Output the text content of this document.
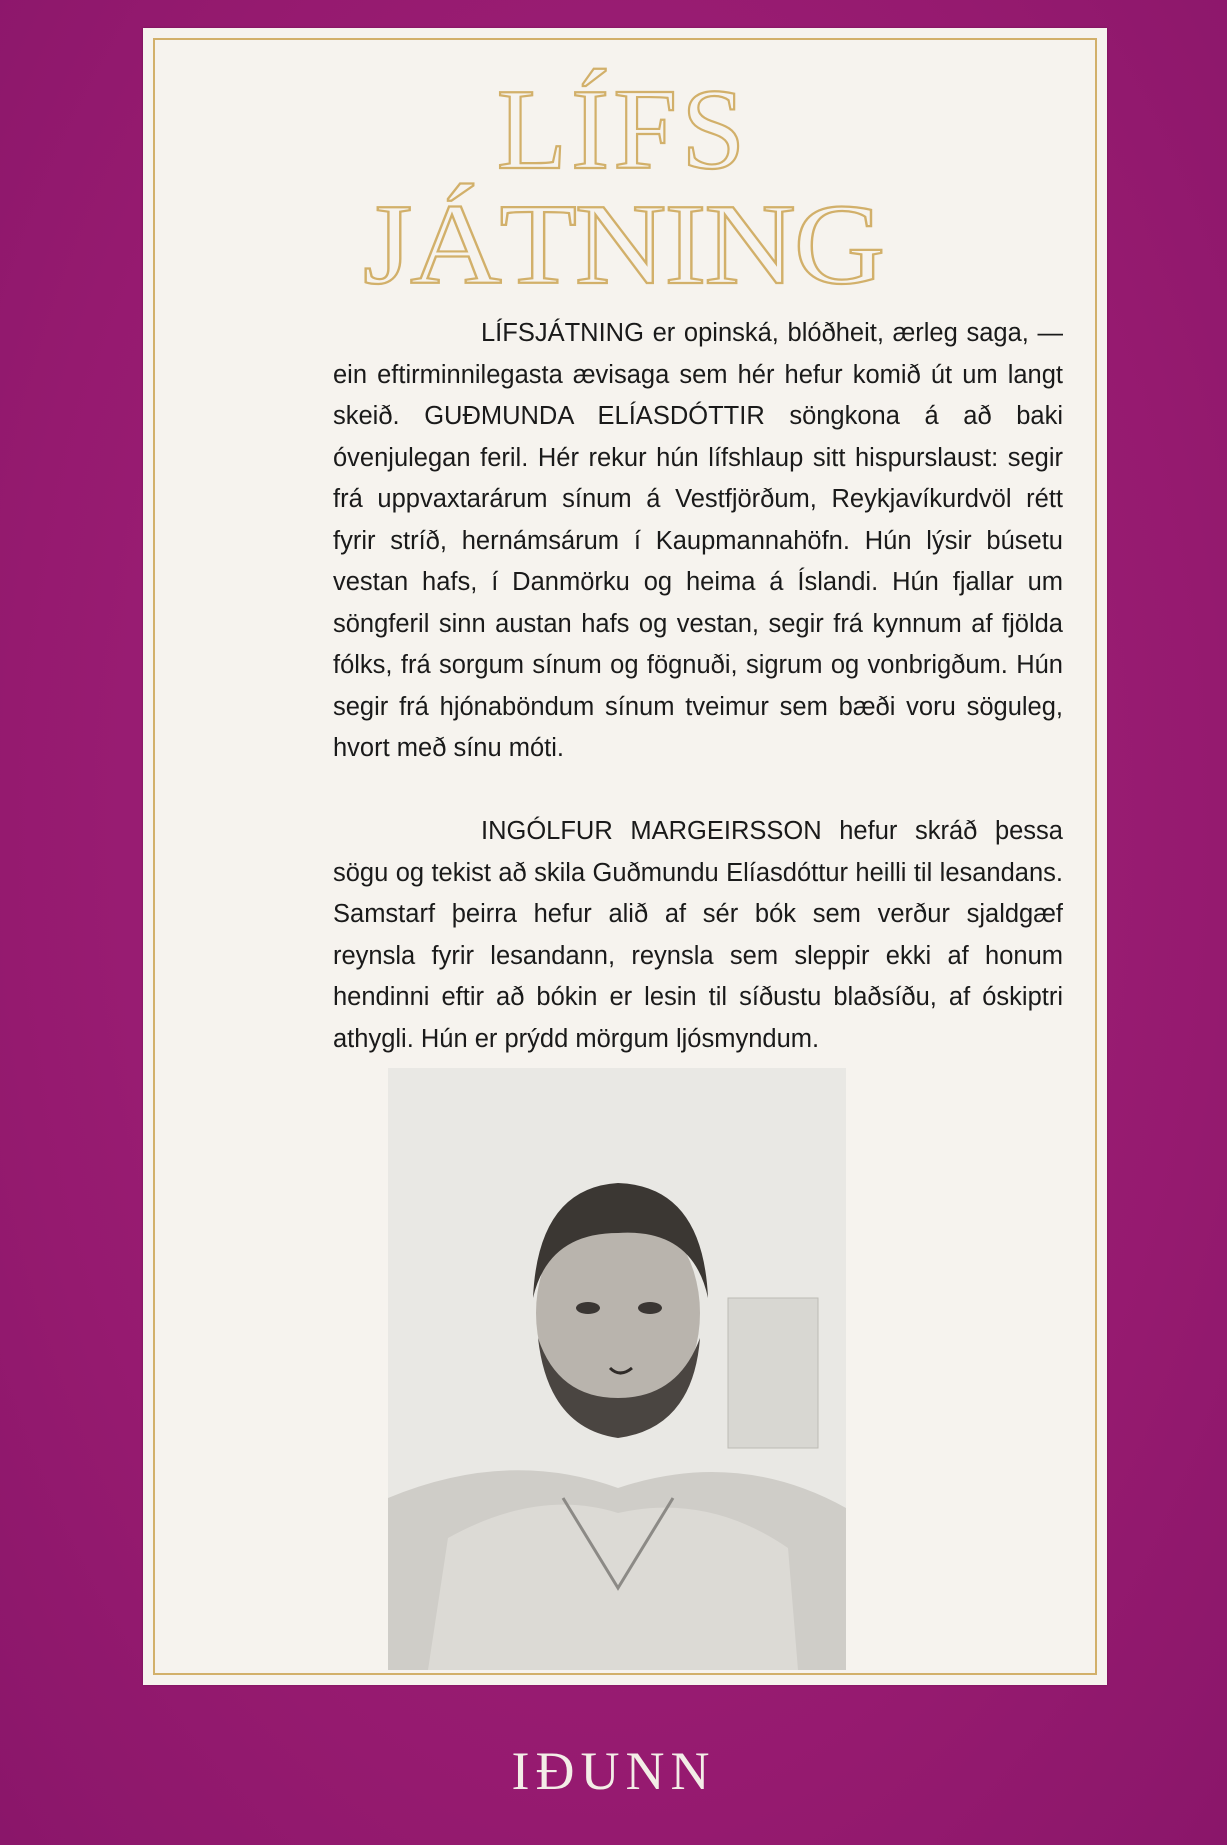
LÍFS
JÁTNING

LÍFSJÁTNING er opinská, blóðheit, ærleg saga, — ein eftirminnilegasta ævisaga sem hér hefur komið út um langt skeið. GUÐMUNDA ELÍASDÓTTIR söngkona á að baki óvenjulegan feril. Hér rekur hún lífshlaup sitt hispurslaust: segir frá uppvaxtarárum sínum á Vestfjörðum, Reykjavíkurdvöl rétt fyrir stríð, hernámsárum í Kaupmannahöfn. Hún lýsir búsetu vestan hafs, í Danmörku og heima á Íslandi. Hún fjallar um söngferil sinn austan hafs og vestan, segir frá kynnum af fjölda fólks, frá sorgum sínum og fögnuði, sigrum og vonbrigðum. Hún segir frá hjónaböndum sínum tveimur sem bæði voru söguleg, hvort með sínu móti.

INGÓLFUR MARGEIRSSON hefur skráð þessa sögu og tekist að skila Guðmundu Elíasdóttur heilli til lesandans. Samstarf þeirra hefur alið af sér bók sem verður sjaldgæf reynsla fyrir lesandann, reynsla sem sleppir ekki af honum hendinni eftir að bókin er lesin til síðustu blaðsíðu, af óskiptri athygli. Hún er prýdd mörgum ljósmyndum.

IÐUNN
